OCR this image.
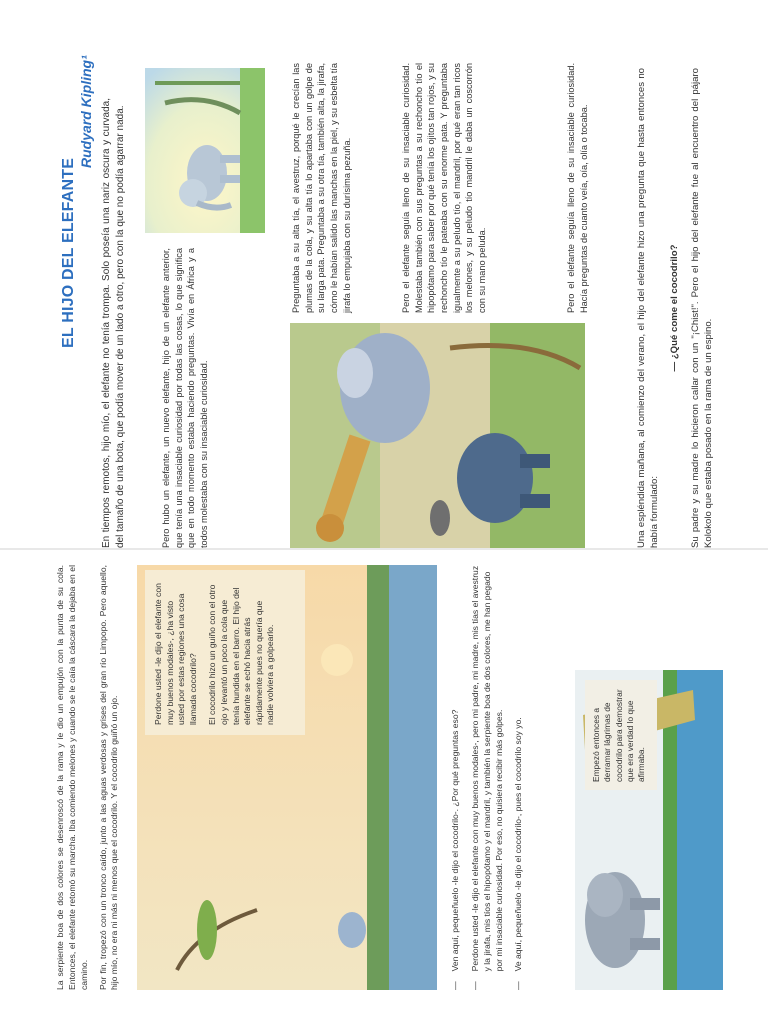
EL HIJO DEL ELEFANTE
Rudyard Kipling¹ En tiempos remotos, hijo mío, el elefante no tenía trompa. Solo poseía una nariz oscura y curvada, del tamaño de una bota, que podía mover de un lado a otro, pero con la que no podía agarrar nada.	Pero hubo un elefante, un nuevo elefante, hijo de un elefante anterior, que tenía una insaciable curiosidad por todas las cosas, lo que significa que en todo momento estaba haciendo preguntas. Vivía en África y a todos molestaba con su insaciable curiosidad.

Preguntaba a su alta tía, el avestruz, porqué le crecían las plumas de la cola, y su alta tía lo apartaba con un golpe de su larga pata. Preguntaba a su otra tía, también alta, la jirafa, cómo le habían salido las manchas en la piel, y su esbelta tía jirafa lo empujaba con su durísima pezuña.	Pero el elefante seguía lleno de su insaciable curiosidad. Molestaba también con sus preguntas a su rechoncho tío el hipopótamo para saber por qué tenía los ojitos tan rojos, y su rechoncho tío le pateaba con su enorme pata. Y preguntaba igualmente a su peludo tío, el mandril, por qué eran tan ricos los melones, y su peludo tío mandril le daba un coscorrón con su mano peluda.	Pero el elefante seguía lleno de su insaciable curiosidad. Hacía preguntas de cuanto veía, oía, olía o tocaba.	Una espléndida mañana, al comienzo del verano, el hijo del elefante hizo una pregunta que hasta entonces no había formulado:

— ¿Qué come el cocodrilo? Su padre y su madre lo hicieron callar con un "¡Chist!". Pero el hijo del elefante fue al encuentro del pájaro Kolokolo que estaba posado en la rama de un espino.

La serpiente boa de dos colores se desenroscó de la rama y le dio un empujón con la punta de su cola. Entonces, el elefante retomó su marcha. Iba comiendo melones y cuando se le caía la cáscara la dejaba en el camino. Por fin, tropezó con un tronco caído, junto a las aguas verdosas y grises del gran río Limpopo. Pero aquello, hijo mío, no era ni más ni menos que el cocodrilo. Y el cocodrilo guiñó un ojo.

Perdone usted -le dijo el elefante con muy buenos modales-, ¿ha visto usted por estas regiones una cosa llamada cocodrilo? El cocodrilo hizo un guiño con el otro ojo y levantó un poco la cola que tenía hundida en el barro. El hijo del elefante se echó hacia atrás rápidamente pues no quería que nadie volviera a golpearlo.

—
Ven aquí, pequeñuelo -le dijo el cocodrilo-. ¿Por qué preguntas eso?
—
Perdone usted -le dijo el elefante con muy buenos modales-, pero mi padre, mi madre, mis tías el avestruz y la jirafa, mis tíos el hipopótamo y el mandril, y también la serpiente boa de dos colores, me han pegado por mi insaciable curiosidad. Por eso, no quisiera recibir más golpes.
—
Ve aquí, pequeñuelo -le dijo el cocodrilo-, pues el cocodrilo soy yo.	Empezó entonces a derramar lágrimas de cocodrilo para demostrar que era verdad lo que afirmaba.
